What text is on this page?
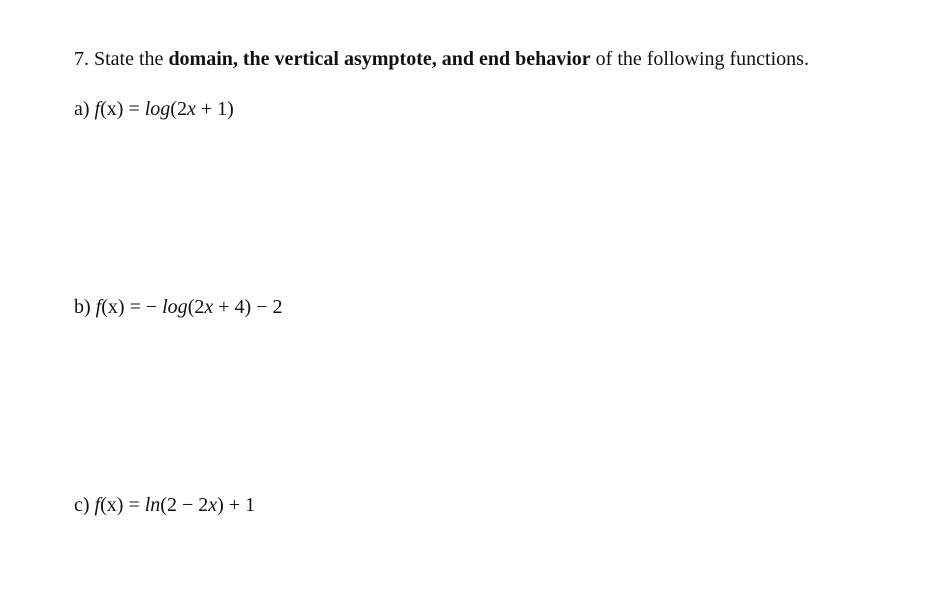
7. State the domain, the vertical asymptote, and end behavior of the following functions.
a) f(x) = log(2x + 1)
b) f(x) = − log(2x + 4) − 2
c) f(x) = ln(2 − 2x) + 1
